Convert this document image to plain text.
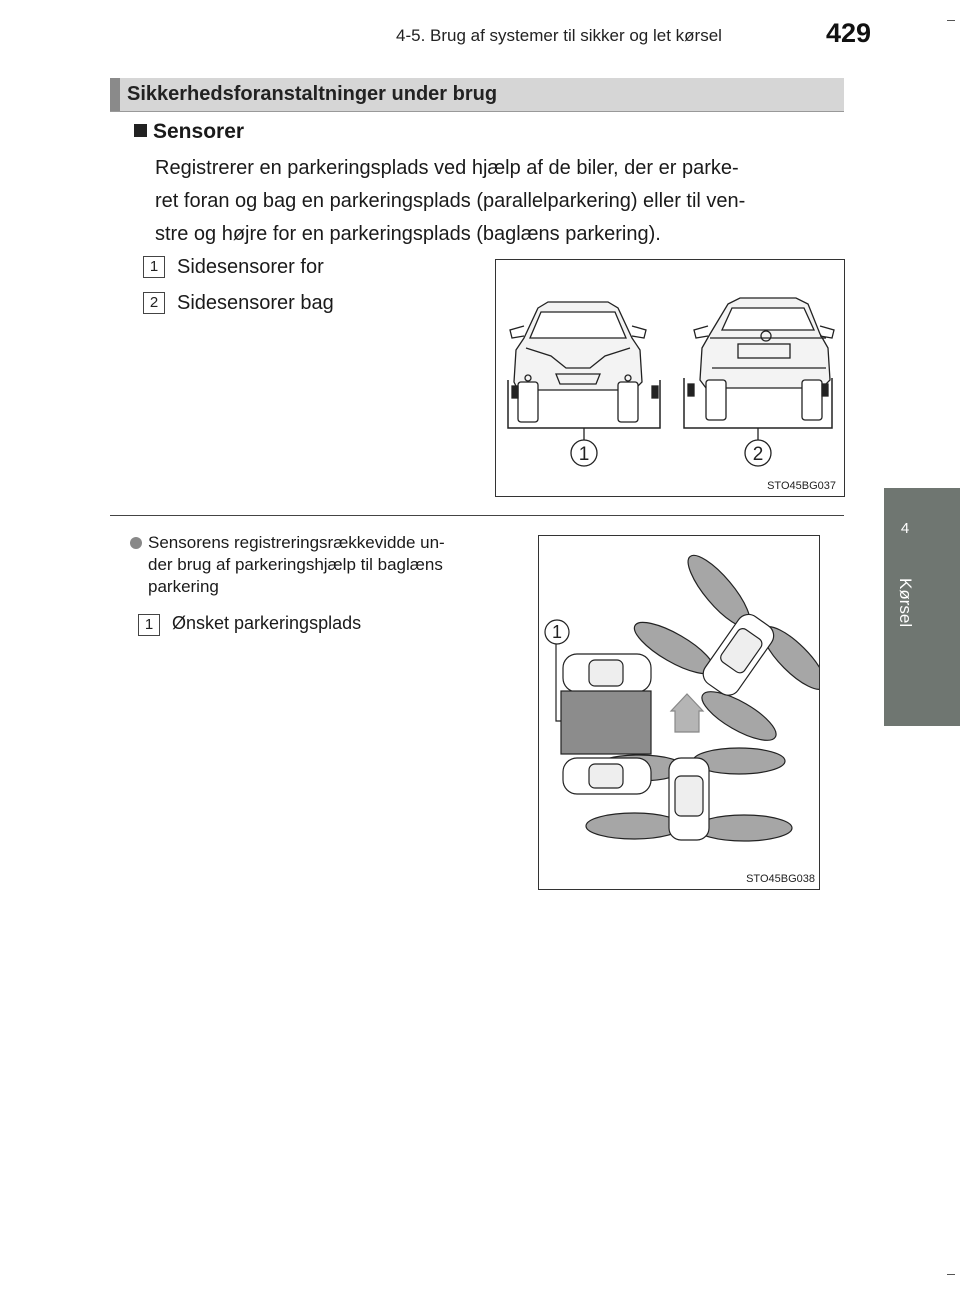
4-5. Brug af systemer til sikker og let kørsel	429
4
Kørsel
Sikkerhedsforanstaltninger under brug
Sensorer

Registrerer en parkeringsplads ved hjælp af de biler, der er parke-

ret foran og bag en parkeringsplads (parallelparkering) eller til ven-

stre og højre for en parkeringsplads (baglæns parkering).

1 Sidesensorer for
2 Sidesensorer bag
1	2
STO45BG037
Sensorens registreringsrækkevidde un-
der brug af parkeringshjælp til baglæns
parkering
1 Ønsket parkeringsplads	1
STO45BG038
